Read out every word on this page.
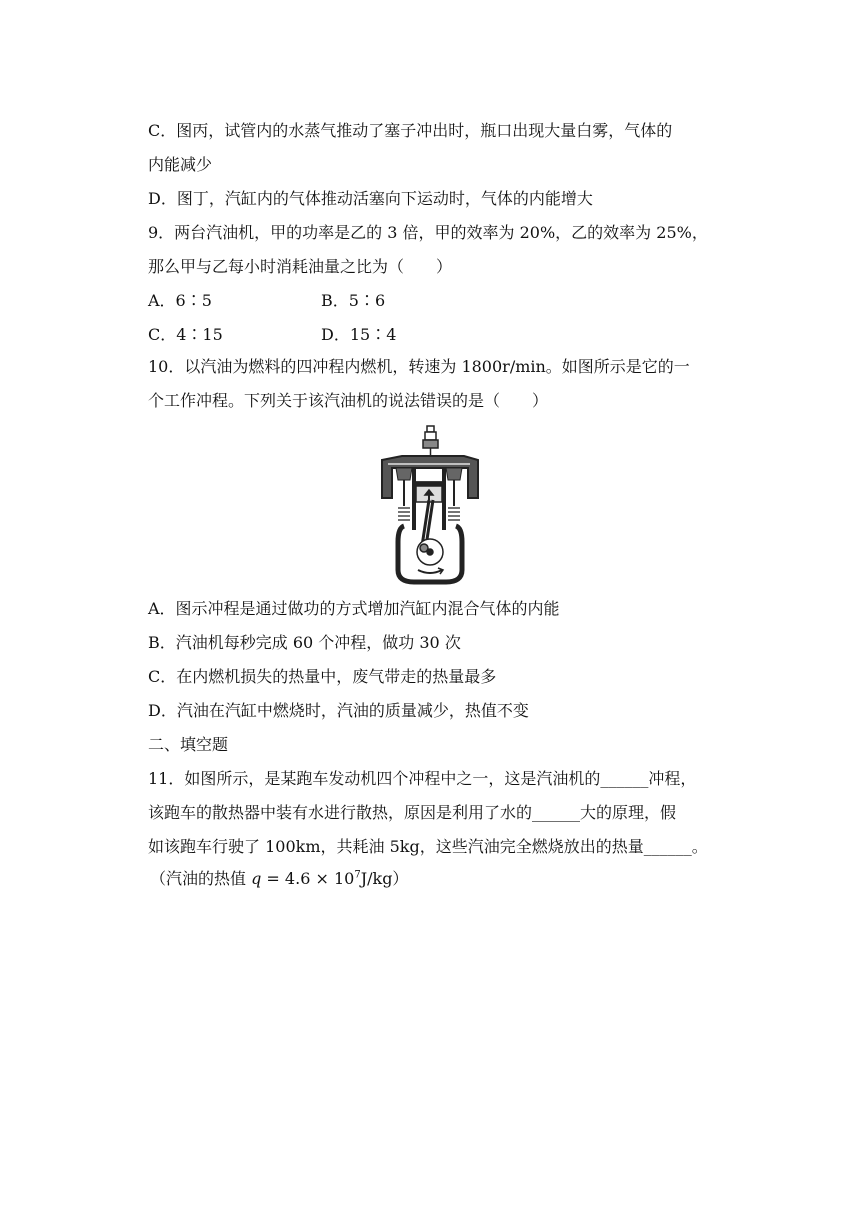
C．图丙，试管内的水蒸气推动了塞子冲出时，瓶口出现大量白雾，气体的
内能减少
D．图丁，汽缸内的气体推动活塞向下运动时，气体的内能增大
9．两台汽油机，甲的功率是乙的 3 倍，甲的效率为 20%，乙的效率为 25%，
那么甲与乙每小时消耗油量之比为（　　）
A．6∶5	B．5∶6
C．4∶15	D．15∶4
10．以汽油为燃料的四冲程内燃机，转速为 1800r/min。如图所示是它的一
个工作冲程。下列关于该汽油机的说法错误的是（　　）
A．图示冲程是通过做功的方式增加汽缸内混合气体的内能
B．汽油机每秒完成 60 个冲程，做功 30 次
C．在内燃机损失的热量中，废气带走的热量最多
D．汽油在汽缸中燃烧时，汽油的质量减少，热值不变
二、填空题
11．如图所示，是某跑车发动机四个冲程中之一，这是汽油机的______冲程，
该跑车的散热器中装有水进行散热，原因是利用了水的______大的原理，假
如该跑车行驶了 100km，共耗油 5kg，这些汽油完全燃烧放出的热量______。
（汽油的热值 $q = 4.6 \times 10^7J/kg$）
